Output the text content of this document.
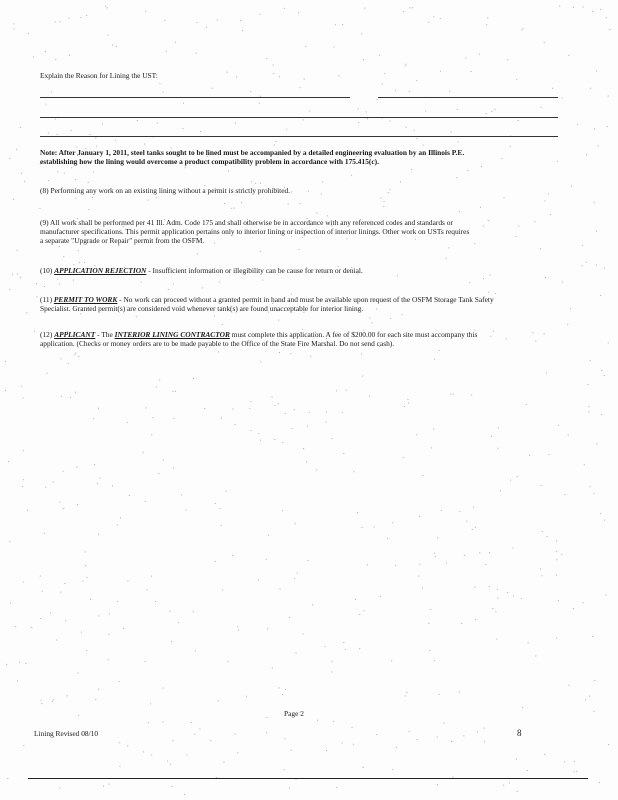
Explain the Reason for Lining the UST:
Note: After January 1, 2011, steel tanks sought to be lined must be accompanied by a detailed engineering evaluation by an Illinois P.E.
establishing how the lining would overcome a product compatibility problem in accordance with 175.415(c).
(8) Performing any work on an existing lining without a permit is strictly prohibited.
(9) All work shall be performed per 41 Ill. Adm. Code 175 and shall otherwise be in accordance with any referenced codes and standards or
manufacturer specifications. This permit application pertains only to interior lining or inspection of interior linings. Other work on USTs requires
a separate "Upgrade or Repair" permit from the OSFM.
(10) APPLICATION REJECTION - Insufficient information or illegibility can be cause for return or denial.
(11) PERMIT TO WORK - No work can proceed without a granted permit in hand and must be available upon request of the OSFM Storage Tank Safety
Specialist. Granted permit(s) are considered void whenever tank(s) are found unacceptable for interior lining.
(12) APPLICANT - The INTERIOR LINING CONTRACTOR must complete this application. A fee of $200.00 for each site must accompany this
application. (Checks or money orders are to be made payable to the Office of the State Fire Marshal. Do not send cash).
Page 2
Lining Revised 08/10	8
